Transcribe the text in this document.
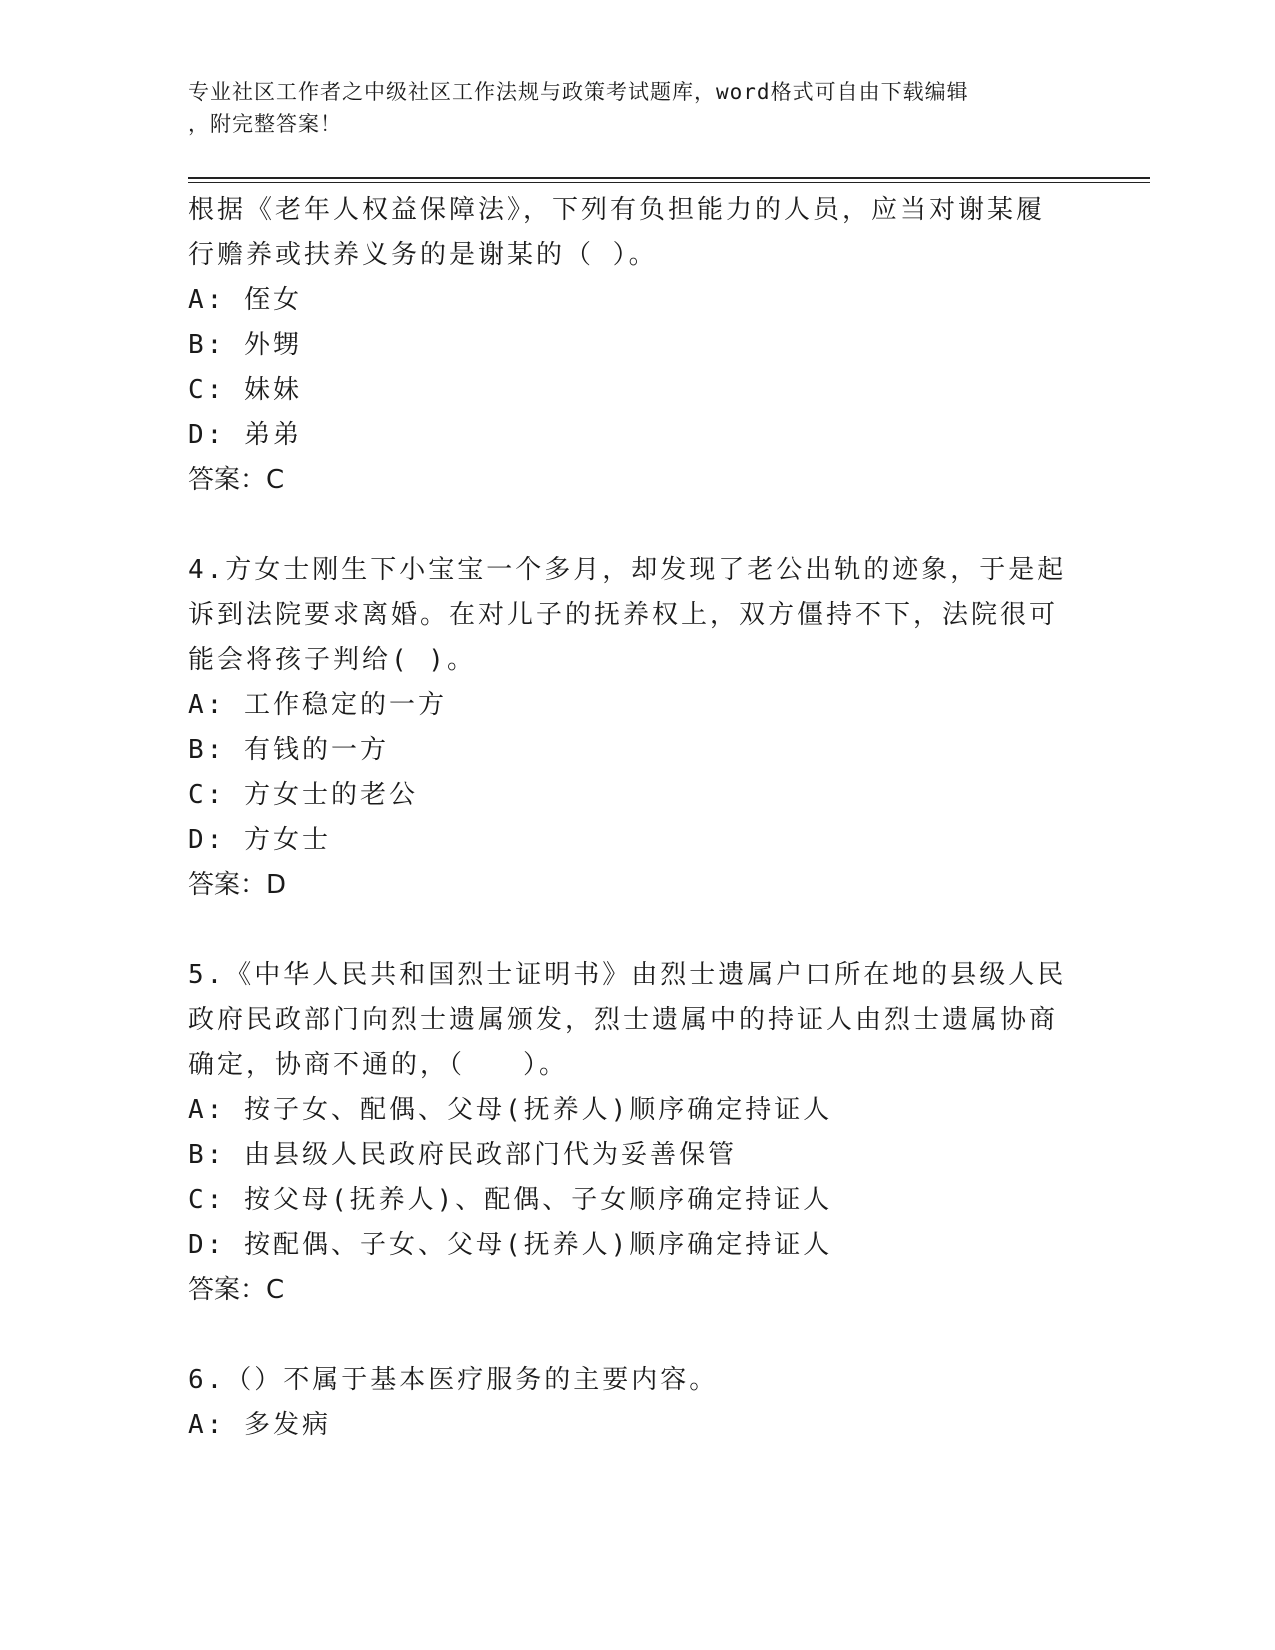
专业社区工作者之中级社区工作法规与政策考试题库，word格式可自由下载编辑
，附完整答案！

根据《老年人权益保障法》，下列有负担能力的人员，应当对谢某履行赡养或扶养义务的是谢某的（ ）。

A: 侄女

B: 外甥

C: 妹妹

D: 弟弟

答案：C

4.方女士刚生下小宝宝一个多月，却发现了老公出轨的迹象，于是起诉到法院要求离婚。在对儿子的抚养权上，双方僵持不下，法院很可能会将孩子判给( )。

A: 工作稳定的一方

B: 有钱的一方

C: 方女士的老公

D: 方女士

答案：D

5.《中华人民共和国烈士证明书》由烈士遗属户口所在地的县级人民政府民政部门向烈士遗属颁发，烈士遗属中的持证人由烈士遗属协商确定，协商不通的，（　　）。

A: 按子女、配偶、父母(抚养人)顺序确定持证人

B: 由县级人民政府民政部门代为妥善保管

C: 按父母(抚养人)、配偶、子女顺序确定持证人

D: 按配偶、子女、父母(抚养人)顺序确定持证人

答案：C

6.（）不属于基本医疗服务的主要内容。

A: 多发病
